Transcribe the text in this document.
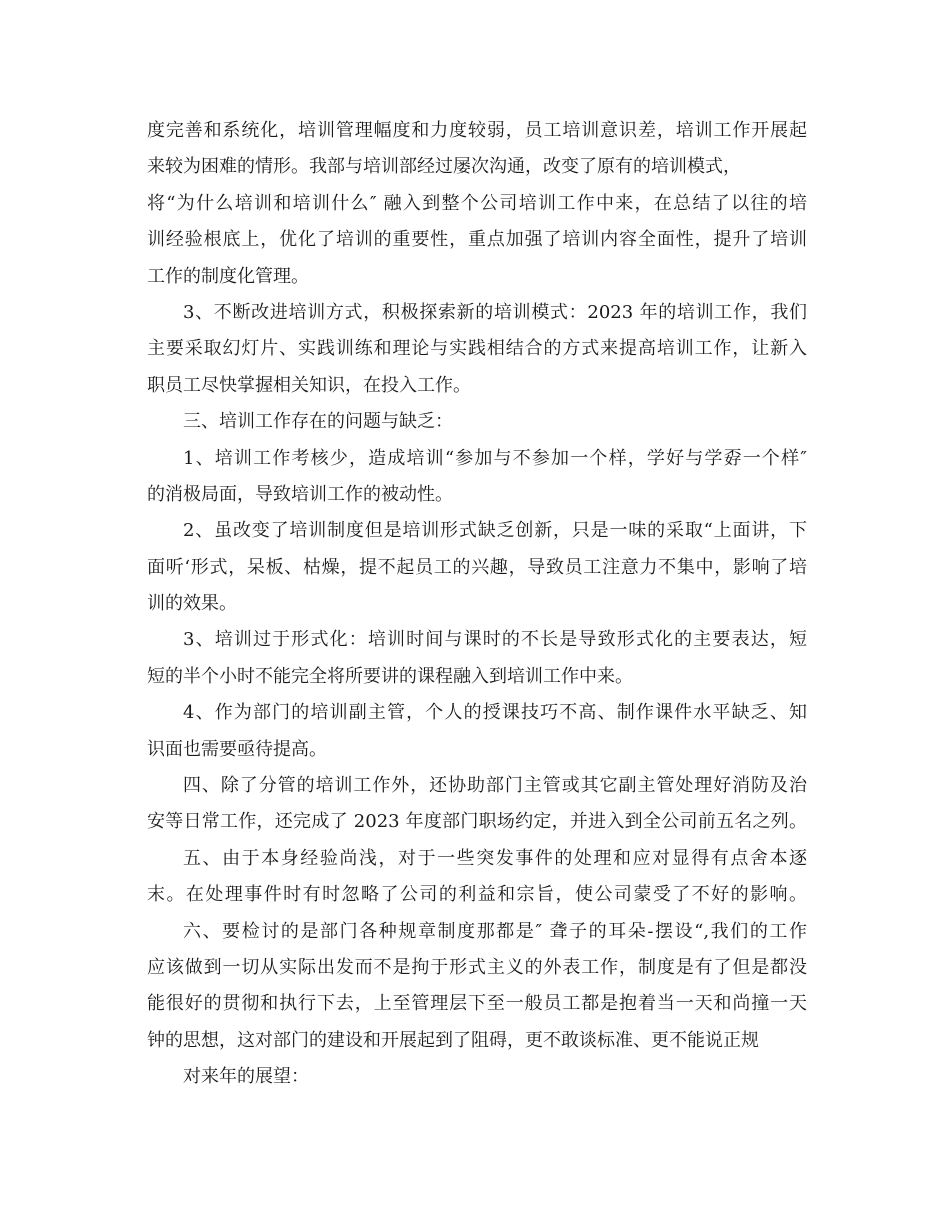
度完善和系统化，培训管理幅度和力度较弱，员工培训意识差，培训工作开展起
来较为困难的情形。我部与培训部经过屡次沟通，改变了原有的培训模式，
将“为什么培训和培训什么″ 融入到整个公司培训工作中来，在总结了以往的培
训经验根底上，优化了培训的重要性，重点加强了培训内容全面性，提升了培训
工作的制度化管理。
3、不断改进培训方式，积极探索新的培训模式：2023 年的培训工作，我们
主要采取幻灯片、实践训练和理论与实践相结合的方式来提高培训工作，让新入
职员工尽快掌握相关知识，在投入工作。
三、培训工作存在的问题与缺乏：
1、培训工作考核少，造成培训“参加与不参加一个样，学好与学孬一个样″
的消极局面，导致培训工作的被动性。
2、虽改变了培训制度但是培训形式缺乏创新，只是一味的采取“上面讲，下
面听‘形式，呆板、枯燥，提不起员工的兴趣，导致员工注意力不集中，影响了培
训的效果。
3、培训过于形式化：培训时间与课时的不长是导致形式化的主要表达，短
短的半个小时不能完全将所要讲的课程融入到培训工作中来。
4、作为部门的培训副主管，个人的授课技巧不高、制作课件水平缺乏、知
识面也需要亟待提高。
四、除了分管的培训工作外，还协助部门主管或其它副主管处理好消防及治
安等日常工作，还完成了 2023 年度部门职场约定，并进入到全公司前五名之列。
五、由于本身经验尚浅，对于一些突发事件的处理和应对显得有点舍本逐
末。在处理事件时有时忽略了公司的利益和宗旨，使公司蒙受了不好的影响。
六、要检讨的是部门各种规章制度那都是″ 聋子的耳朵-摆设“,我们的工作
应该做到一切从实际出发而不是拘于形式主义的外表工作，制度是有了但是都没
能很好的贯彻和执行下去，上至管理层下至一般员工都是抱着当一天和尚撞一天
钟的思想，这对部门的建设和开展起到了阻碍，更不敢谈标准、更不能说正规
对来年的展望：
